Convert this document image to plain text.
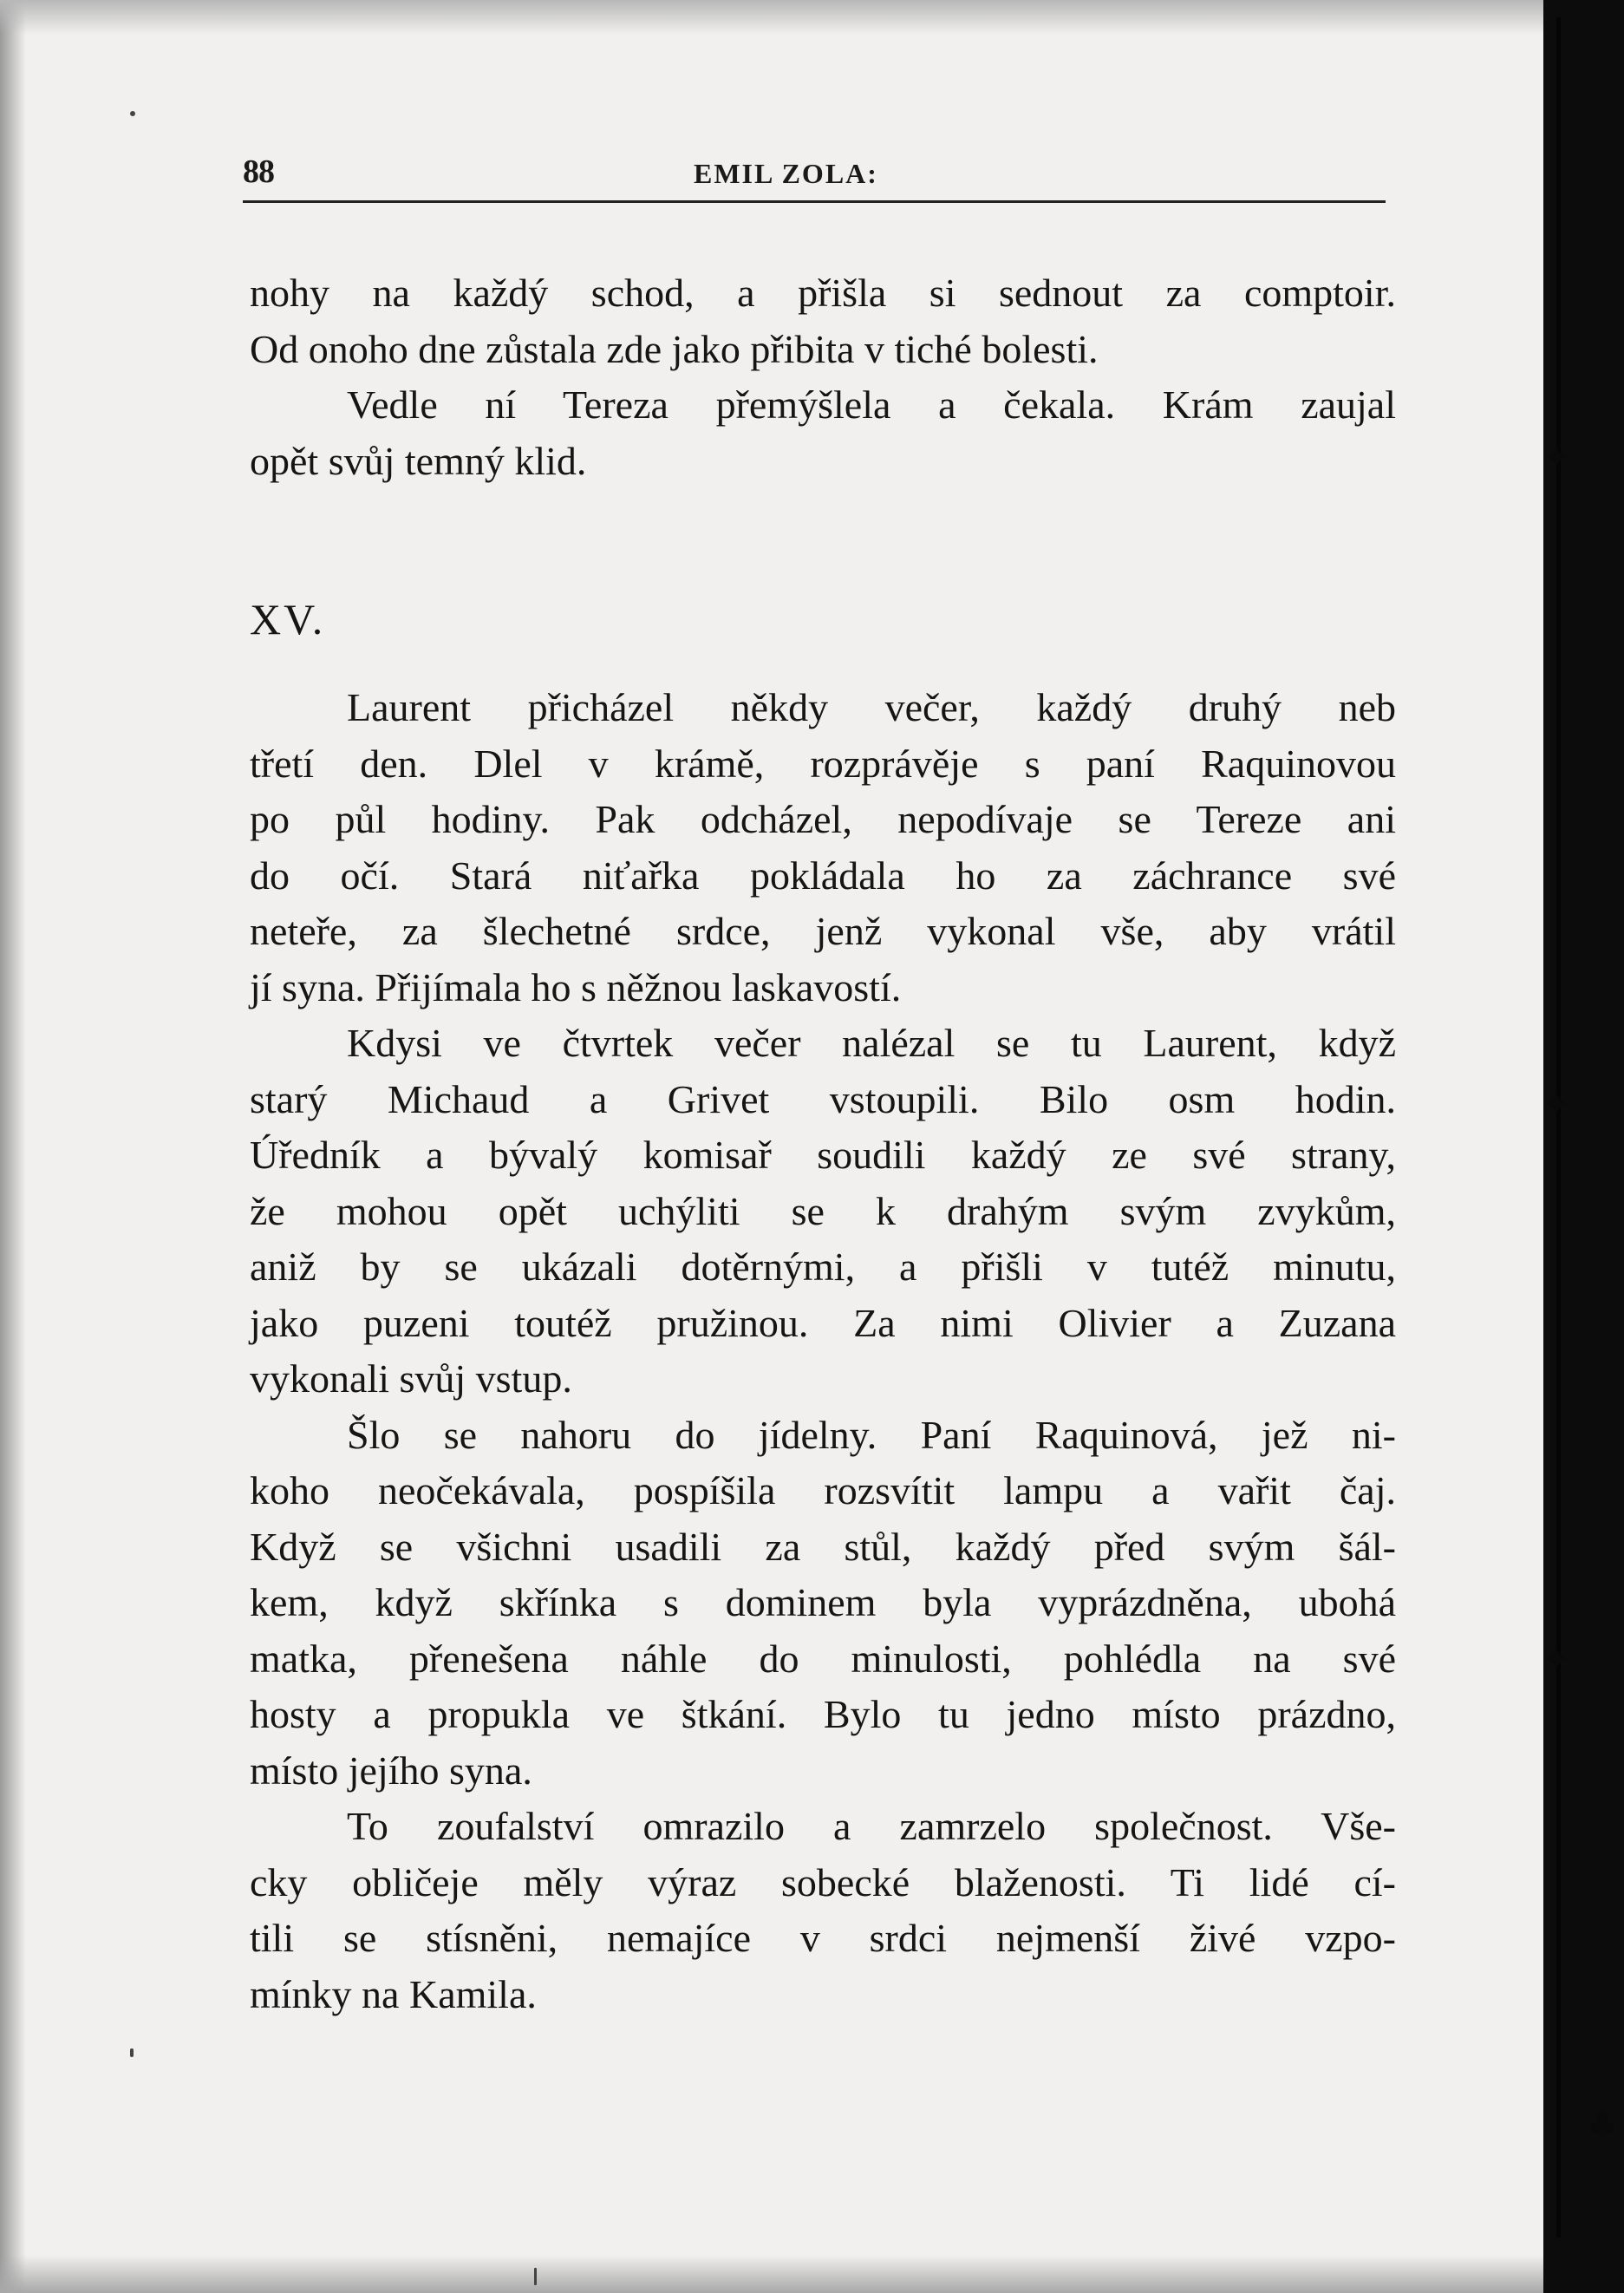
88	EMIL ZOLA:
nohy na každý schod, a přišla si sednout za comptoir.
Od onoho dne zůstala zde jako přibita v tiché bolesti.
Vedle ní Tereza přemýšlela a čekala. Krám zaujal
opět svůj temný klid.
XV.
Laurent přicházel někdy večer, každý druhý neb
třetí den. Dlel v krámě, rozprávěje s paní Raquinovou
po půl hodiny. Pak odcházel, nepodívaje se Tereze ani
do očí. Stará niťařka pokládala ho za záchrance své
neteře, za šlechetné srdce, jenž vykonal vše, aby vrátil
jí syna. Přijímala ho s něžnou laskavostí.
Kdysi ve čtvrtek večer nalézal se tu Laurent, když
starý Michaud a Grivet vstoupili. Bilo osm hodin.
Úředník a bývalý komisař soudili každý ze své strany,
že mohou opět uchýliti se k drahým svým zvykům,
aniž by se ukázali dotěrnými, a přišli v tutéž minutu,
jako puzeni toutéž pružinou. Za nimi Olivier a Zuzana
vykonali svůj vstup.
Šlo se nahoru do jídelny. Paní Raquinová, jež ni-
koho neočekávala, pospíšila rozsvítit lampu a vařit čaj.
Když se všichni usadili za stůl, každý před svým šál-
kem, když skřínka s dominem byla vyprázdněna, ubohá
matka, přenešena náhle do minulosti, pohlédla na své
hosty a propukla ve štkání. Bylo tu jedno místo prázdno,
místo jejího syna.
To zoufalství omrazilo a zamrzelo společnost. Vše-
cky obličeje měly výraz sobecké blaženosti. Ti lidé cí-
tili se stísněni, nemajíce v srdci nejmenší živé vzpo-
mínky na Kamila.
✦
✦
✦
♣
